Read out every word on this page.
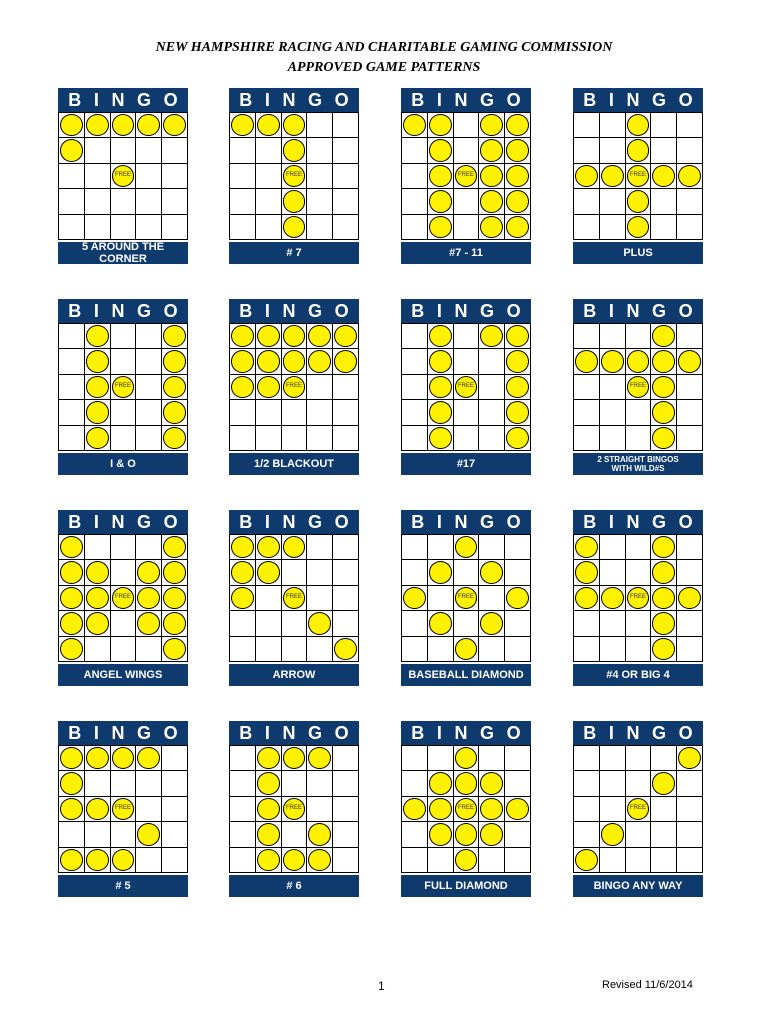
NEW HAMPSHIRE RACING AND CHARITABLE GAMING COMMISSION
APPROVED GAME PATTERNS
B I N G O
FREE
5 AROUND THE CORNER
B I N G O
FREE
# 7
B I N G O
FREE
#7 - 11
B I N G O
FREE
PLUS
B I N G O
FREE
I & O
B I N G O
FREE
1/2 BLACKOUT
B I N G O
FREE
#17
B I N G O
FREE
2 STRAIGHT BINGOS
WITH WILD#S
B I N G O
FREE
ANGEL WINGS
B I N G O
FREE
ARROW
B I N G O
FREE
BASEBALL DIAMOND
B I N G O
FREE
#4 OR BIG 4
B I N G O
FREE
# 5
B I N G O
FREE
# 6
B I N G O
FREE
FULL DIAMOND
B I N G O
FREE
BINGO ANY WAY
1	Revised 11/6/2014
